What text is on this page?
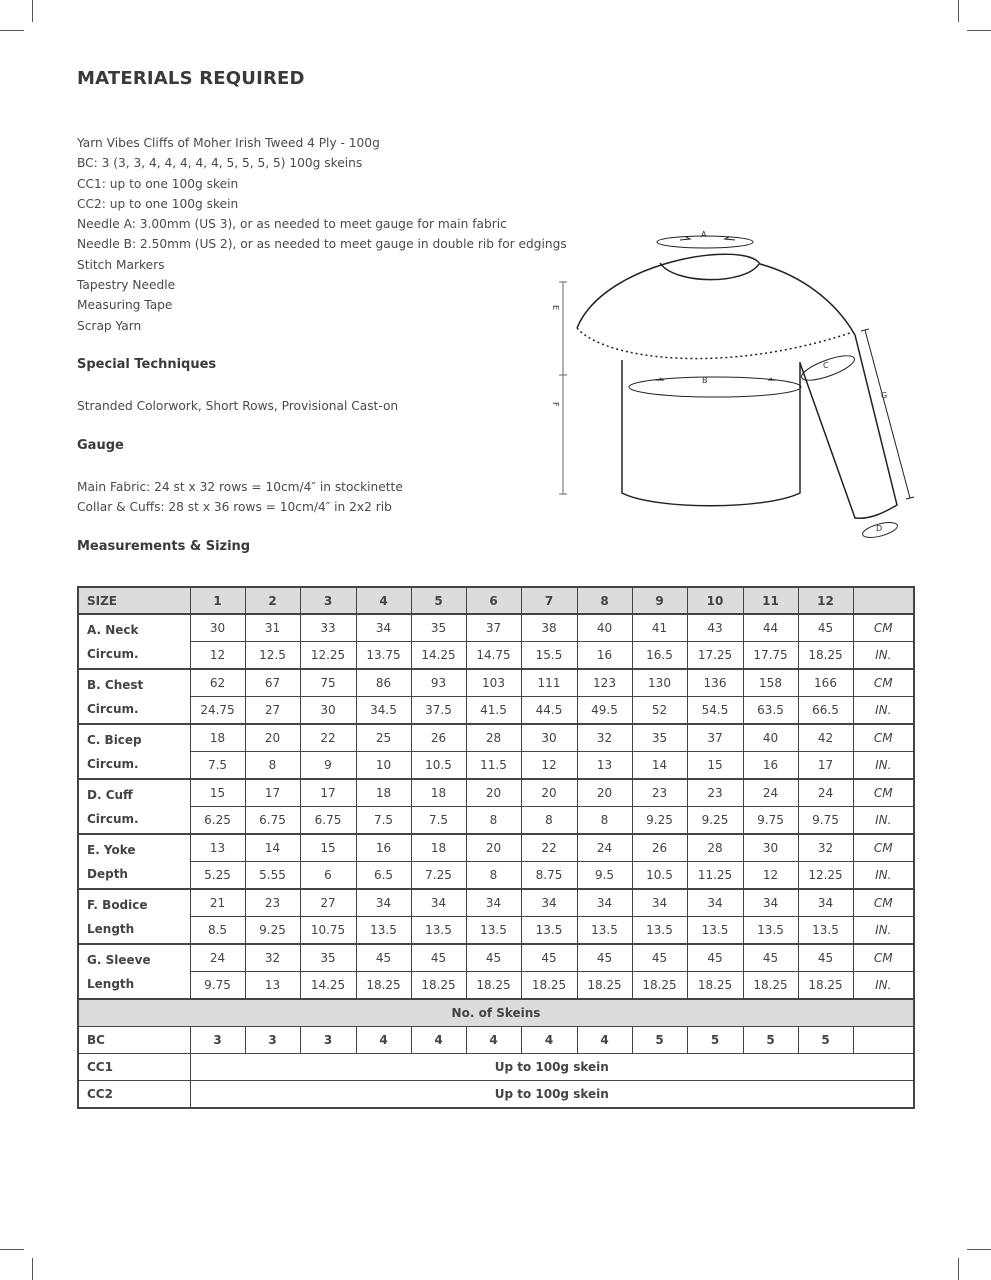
MATERIALS REQUIRED
Yarn Vibes Cliffs of Moher Irish Tweed 4 Ply - 100g
BC: 3 (3, 3, 4, 4, 4, 4, 4, 5, 5, 5, 5) 100g skeins
CC1: up to one 100g skein
CC2: up to one 100g skein
Needle A: 3.00mm (US 3), or as needed to meet gauge for main fabric
Needle B: 2.50mm (US 2), or as needed to meet gauge in double rib for edgings
Stitch Markers
Tapestry Needle
Measuring Tape
Scrap Yarn
Special Techniques

Stranded Colorwork, Short Rows, Provisional Cast-on

Gauge

Main Fabric: 24 st x 32 rows = 10cm/4″ in stockinette

Collar & Cuffs: 28 st x 36 rows = 10cm/4″ in 2x2 rib

Measurements & Sizing
A
B
C
D
E
F
G
SIZE	1	2	3	4	5	6	7	8	9	10	11	12	

A. Neck
Circum.	30	31	33	34	35	37	38	40	41	43	44	45	CM
	12	12.5	12.25	13.75	14.25	14.75	15.5	16	16.5	17.25	17.75	18.25	IN.

B. Chest
Circum.	62	67	75	86	93	103	111	123	130	136	158	166	CM
	24.75	27	30	34.5	37.5	41.5	44.5	49.5	52	54.5	63.5	66.5	IN.

C. Bicep
Circum.	18	20	22	25	26	28	30	32	35	37	40	42	CM
	7.5	8	9	10	10.5	11.5	12	13	14	15	16	17	IN.

D. Cuff
Circum.	15	17	17	18	18	20	20	20	23	23	24	24	CM
	6.25	6.75	6.75	7.5	7.5	8	8	8	9.25	9.25	9.75	9.75	IN.

E. Yoke
Depth	13	14	15	16	18	20	22	24	26	28	30	32	CM
	5.25	5.55	6	6.5	7.25	8	8.75	9.5	10.5	11.25	12	12.25	IN.

F. Bodice
Length	21	23	27	34	34	34	34	34	34	34	34	34	CM
	8.5	9.25	10.75	13.5	13.5	13.5	13.5	13.5	13.5	13.5	13.5	13.5	IN.

G. Sleeve
Length	24	32	35	45	45	45	45	45	45	45	45	45	CM
	9.75	13	14.25	18.25	18.25	18.25	18.25	18.25	18.25	18.25	18.25	18.25	IN.
No. of Skeins													
BC	3	3	3	4	4	4	4	4	5	5	5	5	
CC1	Up to 100g skein												
CC2	Up to 100g skein												
